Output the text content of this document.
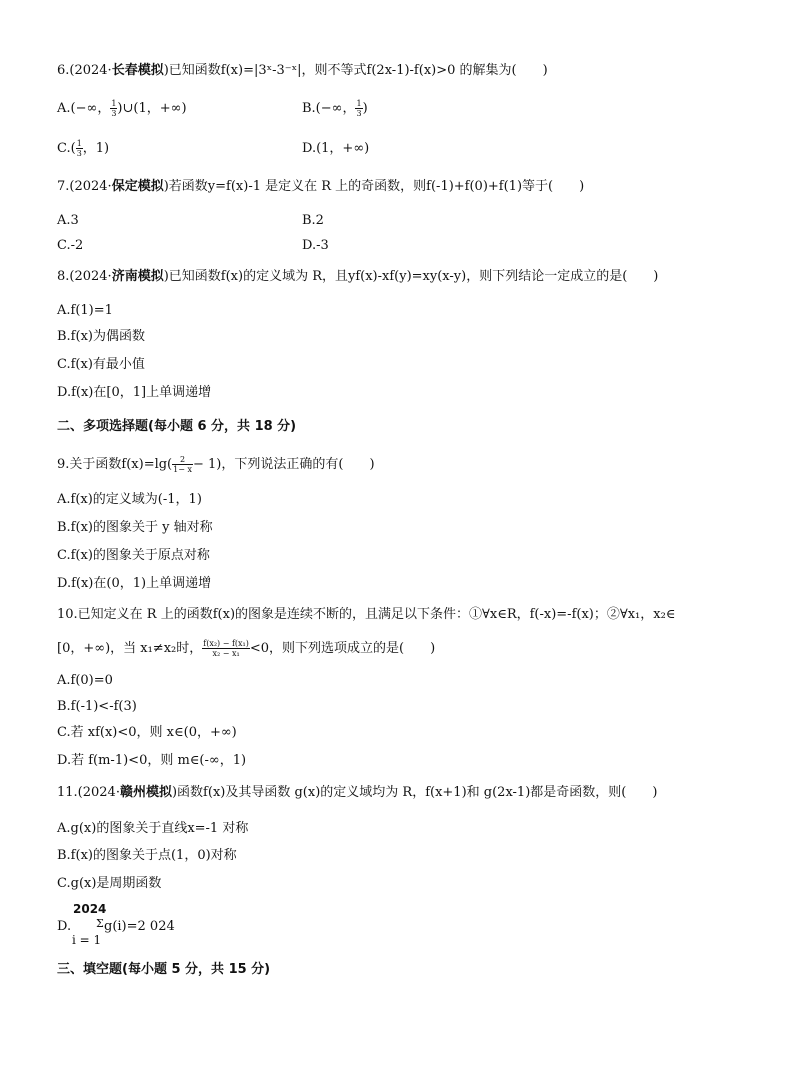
6.(2024·长春模拟)已知函数f(x)=|3ˣ-3⁻ˣ|，则不等式f(2x-1)-f(x)>0 的解集为(　　)
A.(−∞， $\frac{1}{3}$ )∪(1，+∞)	B.(−∞， $\frac{1}{3}$ )
$C.( \frac{1}{3}$ ，1)	D.(1，+∞)
7.(2024·保定模拟)若函数y=f(x)-1 是定义在 R 上的奇函数，则f(-1)+f(0)+f(1)等于(　　)
A.3	B.2
C.-2	D.-3
8.(2024·济南模拟)已知函数f(x)的定义域为 R，且yf(x)-xf(y)=xy(x-y)，则下列结论一定成立的是(　　)
A.f(1)=1
B.f(x)为偶函数
C.f(x)有最小值
D.f(x)在[0，1]上单调递增
二、多项选择题(每小题 6 分，共 18 分)
9.关于函数$f(x)=\lg( \frac{2}{1- x} - 1)$，下列说法正确的有(　　)
A.f(x)的定义域为(-1，1)
B.f(x)的图象关于 y 轴对称
C.f(x)的图象关于原点对称
D.f(x)在(0，1)上单调递增
10.已知定义在 R 上的函数f(x)的图象是连续不断的，且满足以下条件：①∀x∈R，f(-x)=-f(x)；②∀x₁，x₂∈
[0，+∞)，当 x₁≠x₂时， $\frac{\text{f(x₂) − f(x₁)}}{\text{x₂ − x₁}} <0$，则下列选项成立的是(　　)
A.f(0)=0
B.f(-1)<-f(3)
C.若 xf(x)<0，则 x∈(0，+∞)
D.若 f(m-1)<0，则 m∈(-∞，1)
11.(2024·赣州模拟)函数f(x)及其导函数 g(x)的定义域均为 R，f(x+1)和 g(2x-1)都是奇函数，则(　　)
A.g(x)的图象关于直线x=-1 对称
B.f(x)的图象关于点(1，0)对称
C.g(x)是周期函数
2024
D. Σ
i = 1
g(i)=2 024
三、填空题(每小题 5 分，共 15 分)
